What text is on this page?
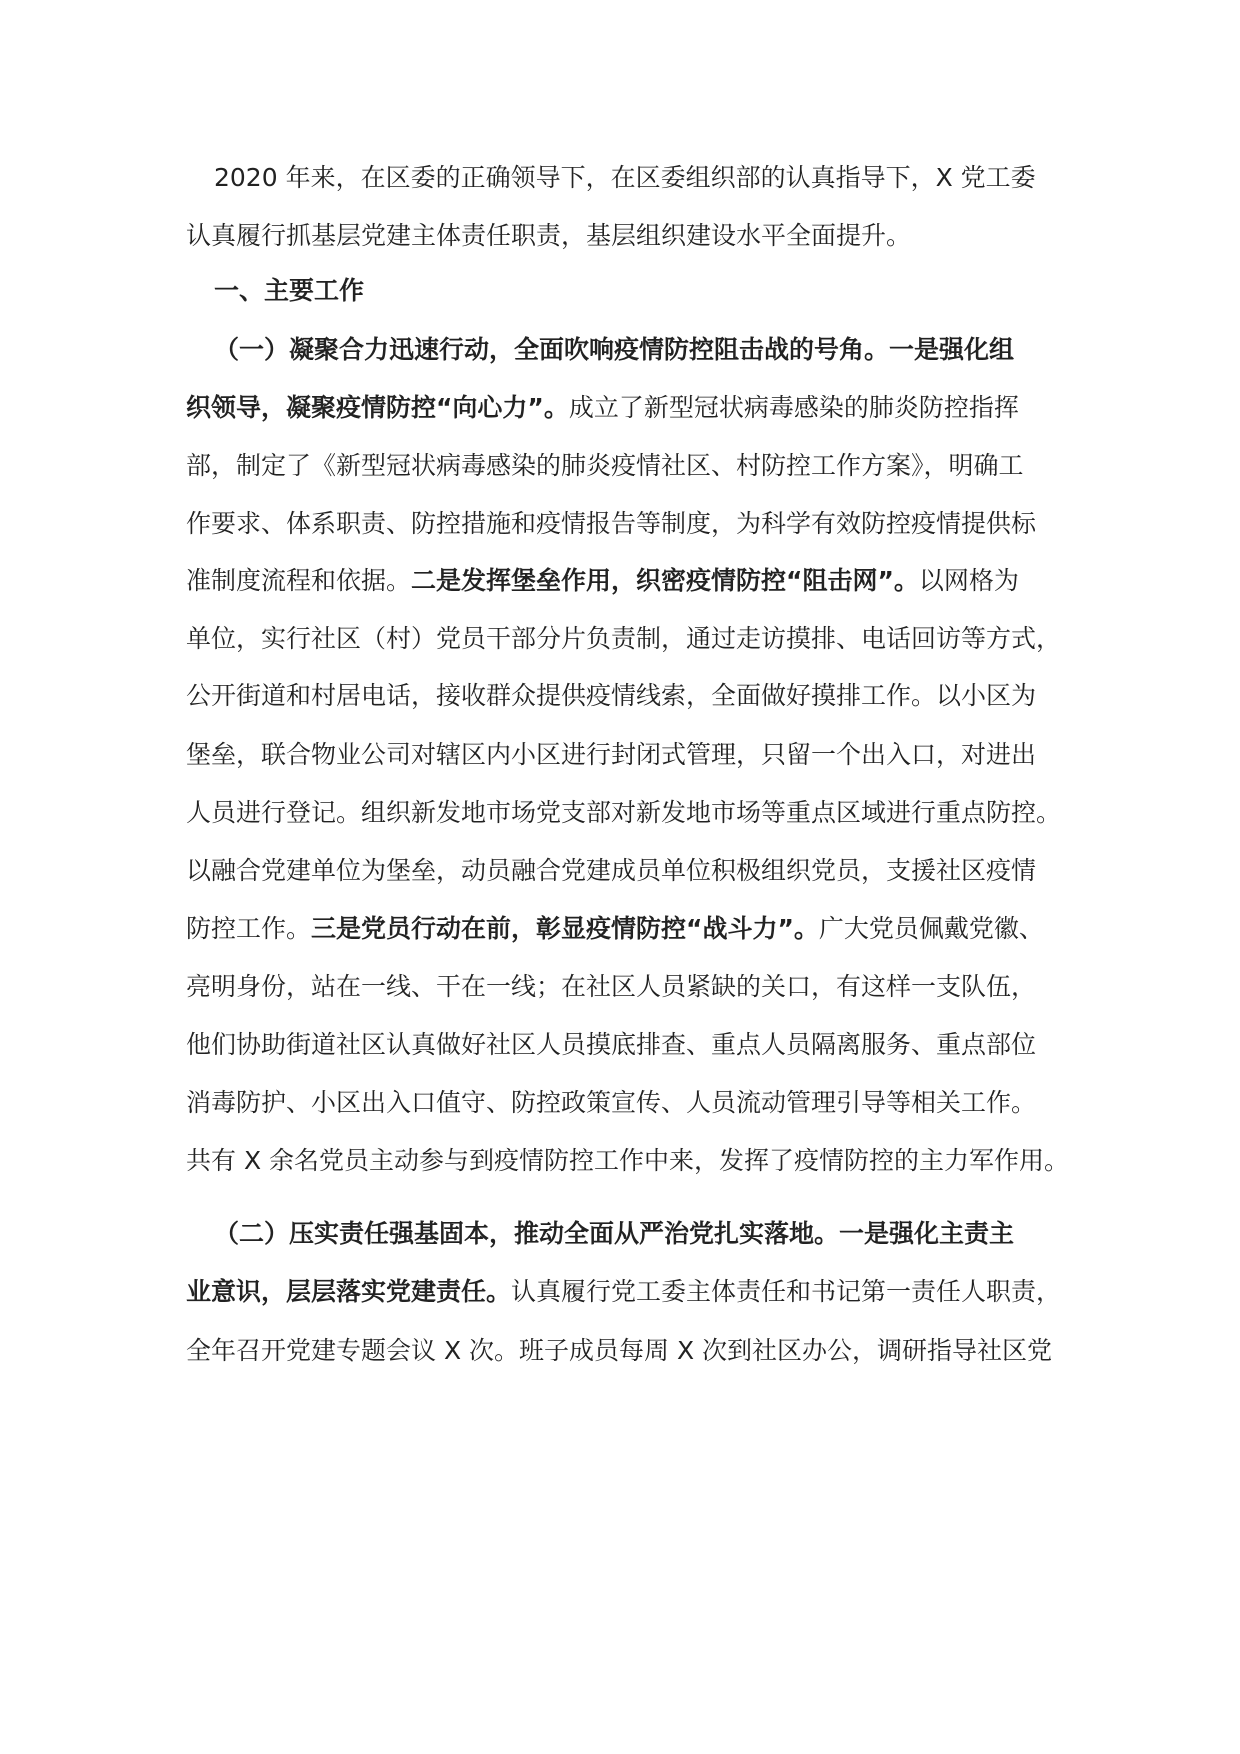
2020 年来，在区委的正确领导下，在区委组织部的认真指导下，X 党工委
认真履行抓基层党建主体责任职责，基层组织建设水平全面提升。
一、主要工作
（一）凝聚合力迅速行动，全面吹响疫情防控阻击战的号角。一是强化组
织领导，凝聚疫情防控“向心力”。成立了新型冠状病毒感染的肺炎防控指挥
部，制定了《新型冠状病毒感染的肺炎疫情社区、村防控工作方案》，明确工
作要求、体系职责、防控措施和疫情报告等制度，为科学有效防控疫情提供标
准制度流程和依据。二是发挥堡垒作用，织密疫情防控“阻击网”。以网格为
单位，实行社区（村）党员干部分片负责制，通过走访摸排、电话回访等方式，
公开街道和村居电话，接收群众提供疫情线索，全面做好摸排工作。以小区为
堡垒，联合物业公司对辖区内小区进行封闭式管理，只留一个出入口，对进出
人员进行登记。组织新发地市场党支部对新发地市场等重点区域进行重点防控。
以融合党建单位为堡垒，动员融合党建成员单位积极组织党员，支援社区疫情
防控工作。三是党员行动在前，彰显疫情防控“战斗力”。广大党员佩戴党徽、
亮明身份，站在一线、干在一线；在社区人员紧缺的关口，有这样一支队伍，
他们协助街道社区认真做好社区人员摸底排查、重点人员隔离服务、重点部位
消毒防护、小区出入口值守、防控政策宣传、人员流动管理引导等相关工作。
共有 X 余名党员主动参与到疫情防控工作中来，发挥了疫情防控的主力军作用。
（二）压实责任强基固本，推动全面从严治党扎实落地。一是强化主责主
业意识，层层落实党建责任。认真履行党工委主体责任和书记第一责任人职责，
全年召开党建专题会议 X 次。班子成员每周 X 次到社区办公，调研指导社区党
